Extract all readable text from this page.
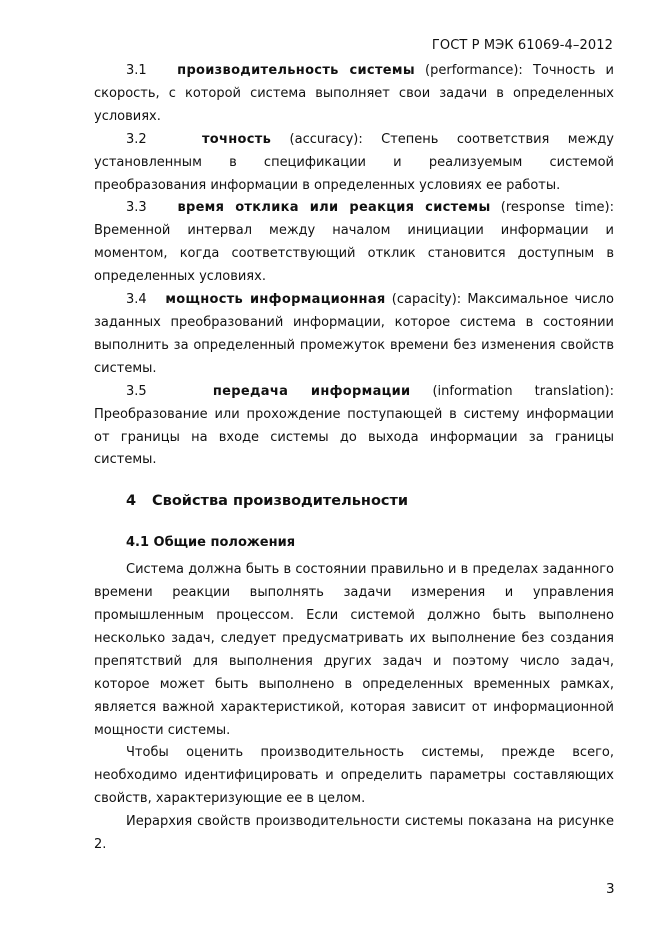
ГОСТ Р МЭК 61069-4–2012

3.1 производительность системы (performance): Точность и скорость, с которой система выполняет свои задачи в определенных условиях.

3.2	точность (accuracy): Степень соответствия между установленным в спецификации и реализуемым системой преобразования информации в определенных условиях ее работы.

3.3 время отклика или реакция системы (response time): Временной интервал между началом инициации информации и моментом, когда соответствующий отклик становится доступным в определенных условиях.

3.4 мощность информационная (capacity): Максимальное число заданных преобразований информации, которое система в состоянии выполнить за определенный промежуток времени без изменения свойств системы.

3.5	передача информации (information translation): Преобразование или прохождение поступающей в систему информации от границы на входе системы до выхода информации за границы системы.

4 Свойства производительности
4.1 Общие положения

Система должна быть в состоянии правильно и в пределах заданного времени реакции выполнять задачи измерения и управления промышленным процессом. Если системой должно быть выполнено несколько задач, следует предусматривать их выполнение без создания препятствий для выполнения других задач и поэтому число задач, которое может быть выполнено в определенных временных рамках, является важной характеристикой, которая зависит от информационной мощности системы.

Чтобы оценить производительность системы, прежде всего, необходимо идентифицировать и определить параметры составляющих свойств, характеризующие ее в целом.

Иерархия свойств производительности системы показана на рисунке 2.

3
